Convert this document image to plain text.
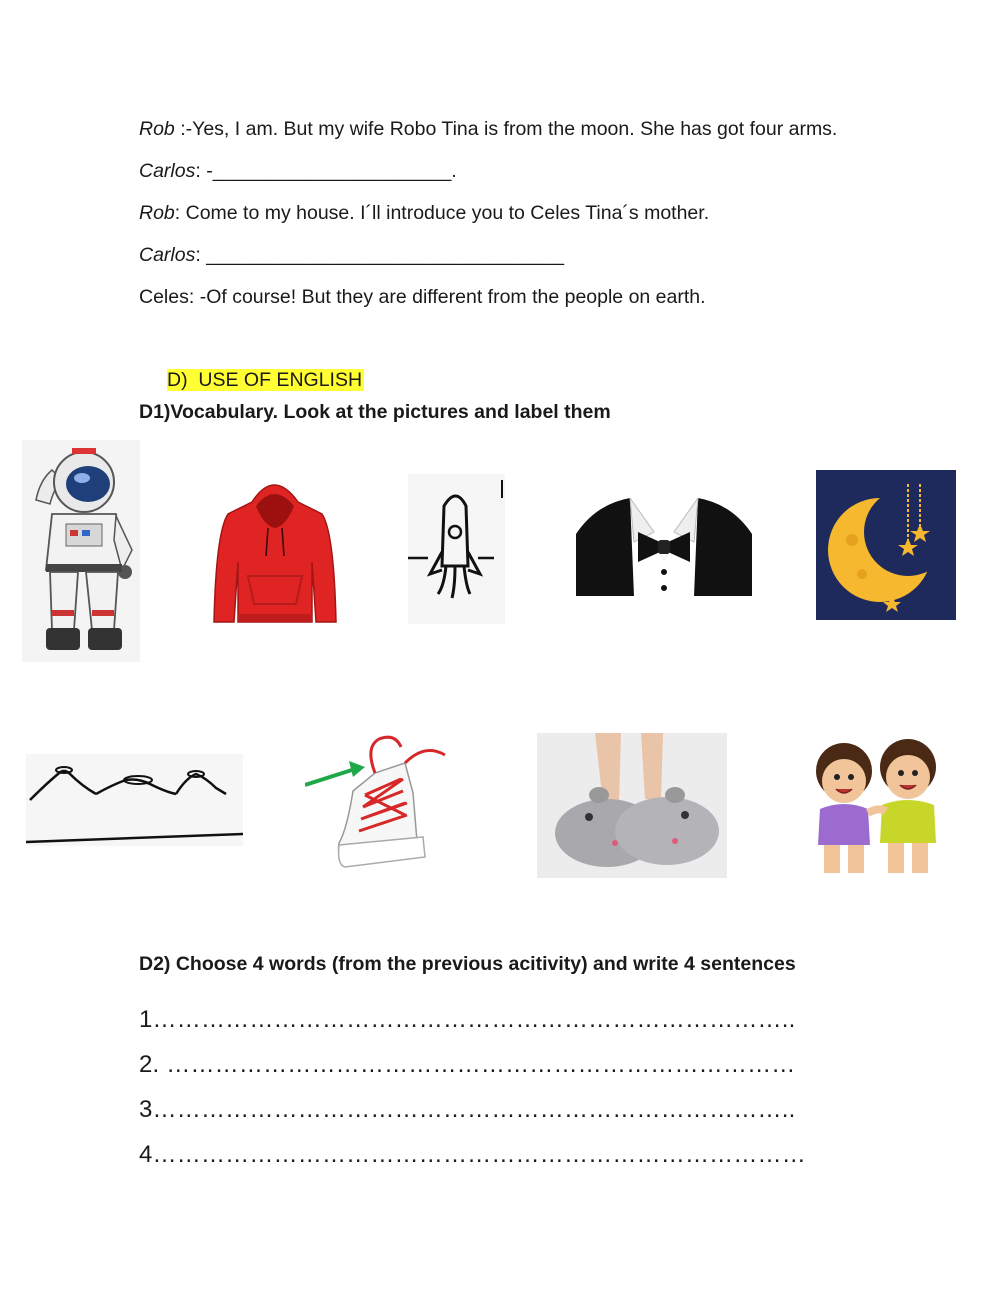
Rob :-Yes, I am. But my wife Robo Tina is from the moon. She has got four arms.
Carlos: -______________________.
Rob: Come to my house. I´ll introduce you to Celes Tina´s mother.
Carlos: _________________________________
Celes: -Of course! But they are different from the people on earth.
D) USE OF ENGLISH
D1)Vocabulary. Look at the pictures and label them
D2) Choose 4 words (from the previous acitivity) and write 4 sentences
1……………………………………………………………………..
2. ……………………………………………………………………
3……………………………………………………………………..
4………………………………………………………………………
